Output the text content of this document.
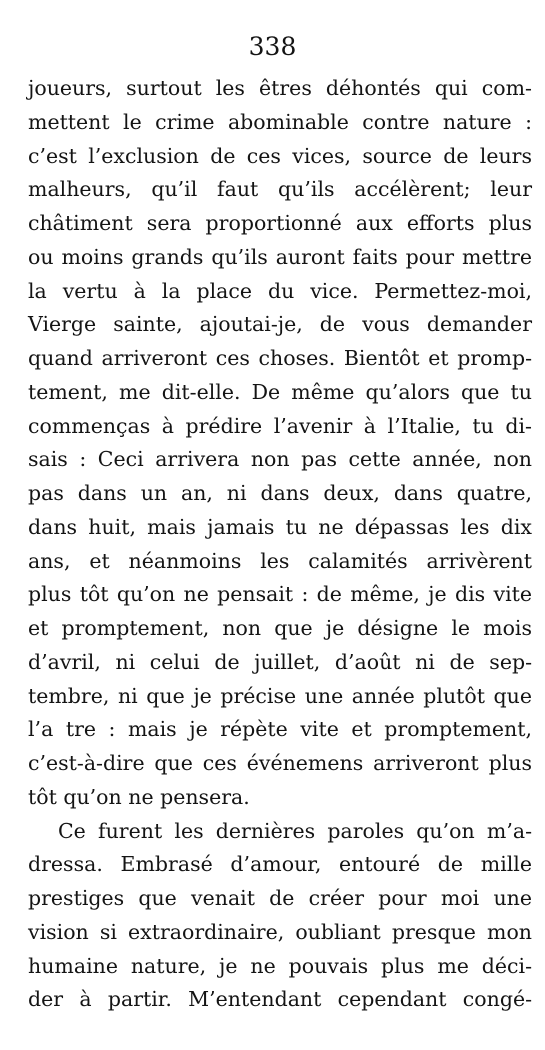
338
joueurs, surtout les êtres déhontés qui com-
mettent le crime abominable contre nature :
c’est l’exclusion de ces vices, source de leurs
malheurs, qu’il faut qu’ils accélèrent; leur
châtiment sera proportionné aux efforts plus
ou moins grands qu’ils auront faits pour mettre
la vertu à la place du vice. Permettez-moi,
Vierge sainte, ajoutai-je, de vous demander
quand arriveront ces choses. Bientôt et promp-
tement, me dit-elle. De même qu’alors que tu
commenças à prédire l’avenir à l’Italie, tu di-
sais : Ceci arrivera non pas cette année, non
pas dans un an, ni dans deux, dans quatre,
dans huit, mais jamais tu ne dépassas les dix
ans, et néanmoins les calamités arrivèrent
plus tôt qu’on ne pensait : de même, je dis vite
et promptement, non que je désigne le mois
d’avril, ni celui de juillet, d’août ni de sep-
tembre, ni que je précise une année plutôt que
l’a tre : mais je répète vite et promptement,
c’est-à-dire que ces événemens arriveront plus
tôt qu’on ne pensera.
Ce furent les dernières paroles qu’on m’a-
dressa. Embrasé d’amour, entouré de mille
prestiges que venait de créer pour moi une
vision si extraordinaire, oubliant presque mon
humaine nature, je ne pouvais plus me déci-
der à partir. M’entendant cependant congé-
